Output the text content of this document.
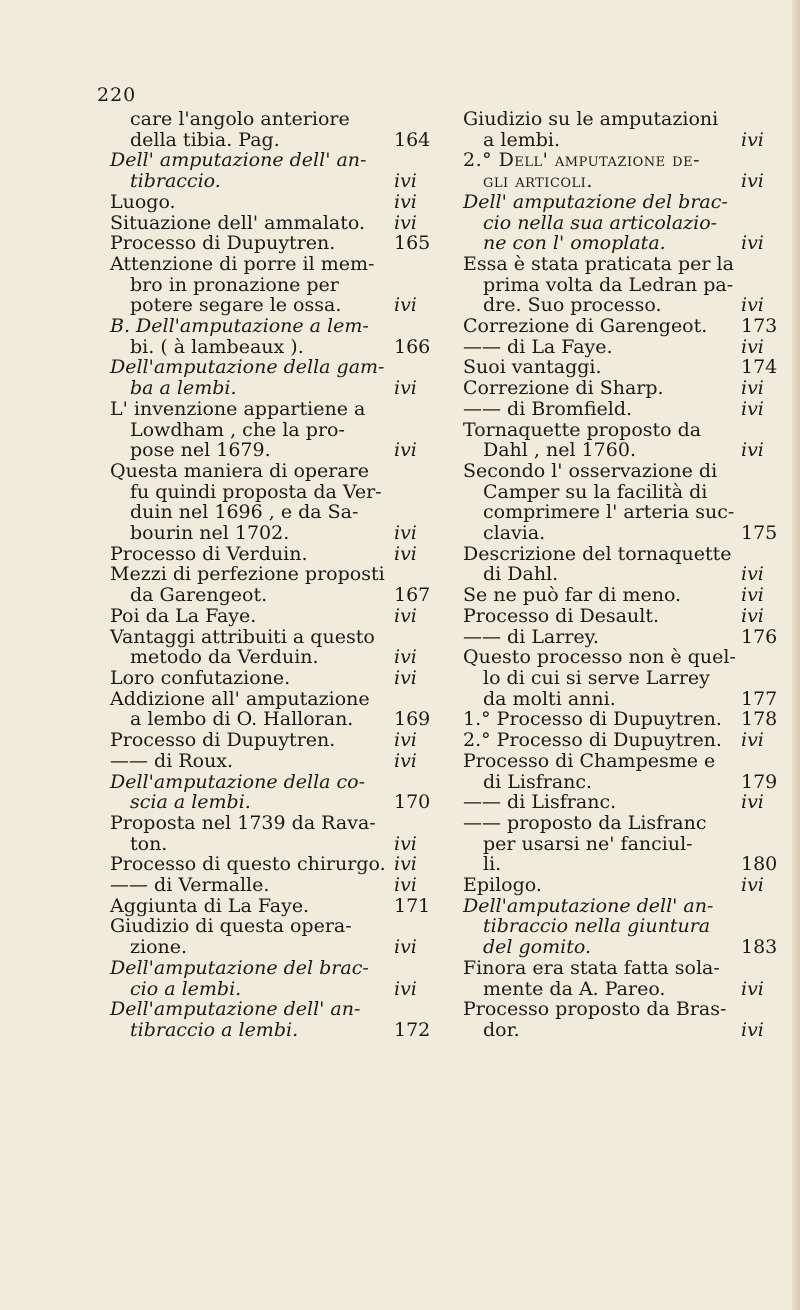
220
care l'angolo anteriore
della tibia. Pag.	164
Dell' amputazione dell' an-
tibraccio.	ivi
Luogo.	ivi
Situazione dell' ammalato.	ivi
Processo di Dupuytren.	165
Attenzione di porre il mem-
bro in pronazione per
potere segare le ossa.	ivi
B. Dell'amputazione a lem-
bi. ( à lambeaux ).	166
Dell'amputazione della gam-
ba a lembi.	ivi
L' invenzione appartiene a
Lowdham , che la pro-
pose nel 1679.	ivi
Questa maniera di operare
fu quindi proposta da Ver-
duin nel 1696 , e da Sa-
bourin nel 1702.	ivi
Processo di Verduin.	ivi
Mezzi di perfezione proposti
da Garengeot.	167
Poi da La Faye.	ivi
Vantaggi attribuiti a questo
metodo da Verduin.	ivi
Loro confutazione.	ivi
Addizione all' amputazione
a lembo di O. Halloran.	169
Processo di Dupuytren.	ivi
—— di Roux.	ivi
Dell'amputazione della co-
scia a lembi.	170
Proposta nel 1739 da Rava-
ton.	ivi
Processo di questo chirurgo. ivi
—— di Vermalle.	ivi
Aggiunta di La Faye.	171
Giudizio di questa opera-
zione.	ivi
Dell'amputazione del brac-
cio a lembi.	ivi
Dell'amputazione dell' an-
tibraccio a lembi.	172
Giudizio su le amputazioni
a lembi.	ivi
2.° Dell' amputazione de-
gli articoli.	ivi
Dell' amputazione del brac-
cio nella sua articolazio-
ne con l' omoplata.	ivi
Essa è stata praticata per la
prima volta da Ledran pa-
dre. Suo processo.	ivi
Correzione di Garengeot.	173
—— di La Faye.	ivi
Suoi vantaggi.	174
Correzione di Sharp.	ivi
—— di Bromfield.	ivi
Tornaquette proposto da
Dahl , nel 1760.	ivi
Secondo l' osservazione di
Camper su la facilità di
comprimere l' arteria suc-
clavia.	175
Descrizione del tornaquette
di Dahl.	ivi
Se ne può far di meno.	ivi
Processo di Desault.	ivi
—— di Larrey.	176
Questo processo non è quel-
lo di cui si serve Larrey
da molti anni.	177
1.° Processo di Dupuytren.	178
2.° Processo di Dupuytren.	ivi
Processo di Champesme e
di Lisfranc.	179
—— di Lisfranc.	ivi
—— proposto da Lisfranc
per usarsi ne' fanciul-
li.	180
Epilogo.	ivi
Dell'amputazione dell' an-
tibraccio nella giuntura
del gomito.	183
Finora era stata fatta sola-
mente da A. Pareo.	ivi
Processo proposto da Bras-
dor.	ivi
